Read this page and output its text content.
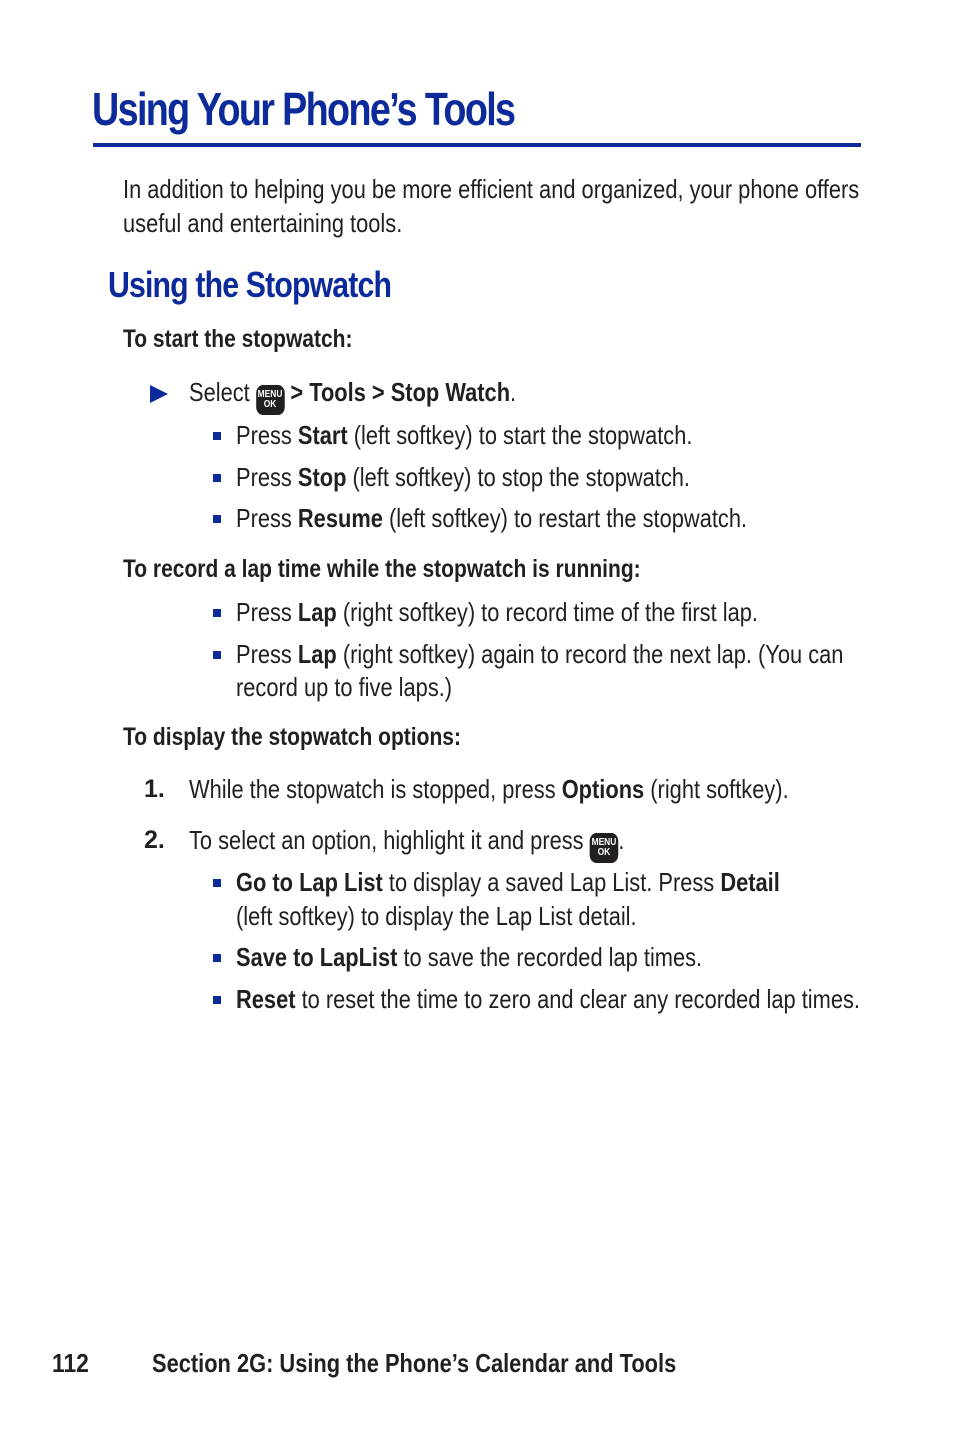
Using Your Phone’s Tools
In addition to helping you be more efficient and organized, your phone offers
useful and entertaining tools.
Using the Stopwatch
To start the stopwatch:
Select MENU
OK > Tools > Stop Watch.
Press Start (left softkey) to start the stopwatch.
Press Stop (left softkey) to stop the stopwatch.
Press Resume (left softkey) to restart the stopwatch.
To record a lap time while the stopwatch is running:
Press Lap (right softkey) to record time of the first lap.
Press Lap (right softkey) again to record the next lap. (You can
record up to five laps.)
To display the stopwatch options:
1. While the stopwatch is stopped, press Options (right softkey).
2. To select an option, highlight it and press MENU
OK .
Go to Lap List to display a saved Lap List. Press Detail
(left softkey) to display the Lap List detail.
Save to LapList to save the recorded lap times.
Reset to reset the time to zero and clear any recorded lap times.
112 Section 2G: Using the Phone’s Calendar and Tools
